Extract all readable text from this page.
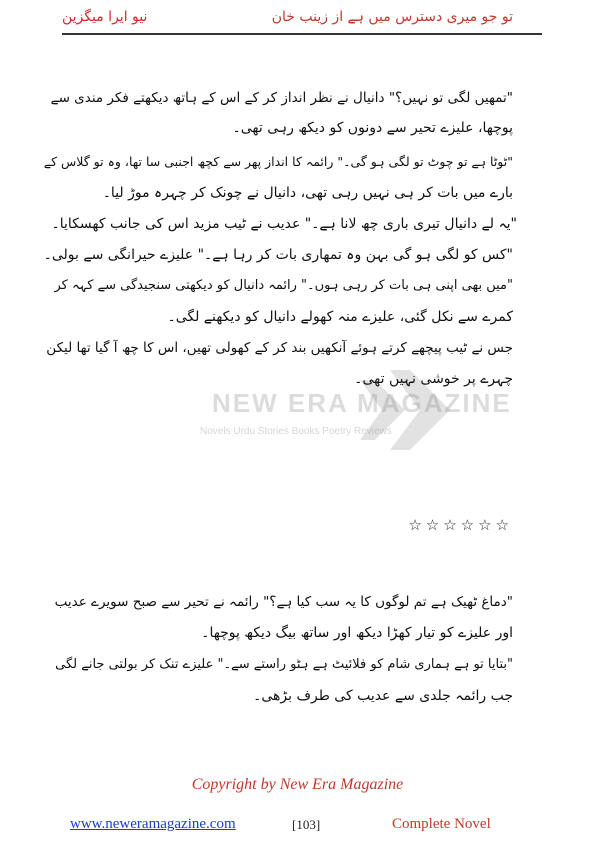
تو جو میری دسترس میں ہے از زینب خان
نیو ایرا میگزین
NEW ERA MAGAZINE
Novels Urdu Stories Books Poetry Reviews
"تمھیں لگی تو نہیں؟" دانیال نے نظر انداز کر کے اس کے ہاتھ دیکھتے فکر مندی سے
پوچھا، علیزے تحیر سے دونوں کو دیکھ رہی تھی۔
"ٹوٹا ہے تو چوٹ تو لگی ہو گی۔" رائمہ کا انداز پھر سے کچھ اجنبی سا تھا، وہ تو گلاس کے
بارے میں بات کر ہی نہیں رہی تھی، دانیال نے چونک کر چہرہ موڑ لیا۔
"یہ لے دانیال تیری باری چھ لانا ہے۔" عدیب نے ٹیب مزید اس کی جانب کھسکایا۔
"کس کو لگی ہو گی بہن وہ تمھاری بات کر رہا ہے۔" علیزے حیرانگی سے بولی۔
"میں بھی اپنی ہی بات کر رہی ہوں۔" رائمہ دانیال کو دیکھتی سنجیدگی سے کہہ کر
کمرے سے نکل گئی، علیزے منہ کھولے دانیال کو دیکھنے لگی۔
جس نے ٹیب پیچھے کرتے ہوئے آنکھیں بند کر کے کھولی تھیں، اس کا چھ آ گیا تھا لیکن
چہرے پر خوشی نہیں تھی۔
☆☆☆☆☆☆
"دماغ ٹھیک ہے تم لوگوں کا یہ سب کیا ہے؟" رائمہ نے تحیر سے صبح سویرے عدیب
اور علیزے کو تیار کھڑا دیکھ اور ساتھ بیگ دیکھ پوچھا۔
"بتایا تو ہے ہماری شام کو فلائیٹ ہے ہٹو راستے سے۔" علیزے تنک کر بولتی جانے لگی
جب رائمہ جلدی سے عدیب کی طرف بڑھی۔
Copyright by New Era Magazine
www.neweramagazine.com	[103]	Complete Novel
